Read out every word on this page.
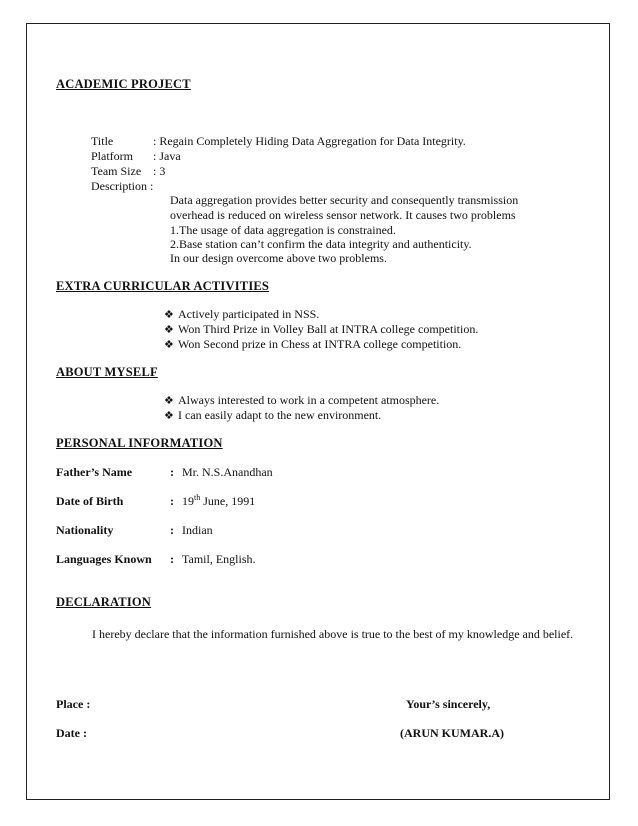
ACADEMIC PROJECT
Title	: Regain Completely Hiding Data Aggregation for Data Integrity.
Platform : Java
Team Size : 3
Description :
Data aggregation provides better security and consequently transmission
overhead is reduced on wireless sensor network. It causes two problems
1.The usage of data aggregation is constrained.
2.Base station can’t confirm the data integrity and authenticity.
In our design overcome above two problems.
EXTRA CURRICULAR ACTIVITIES
❖ Actively participated in NSS.
❖ Won Third Prize in Volley Ball at INTRA college competition.
❖ Won Second prize in Chess at INTRA college competition.
ABOUT MYSELF
❖ Always interested to work in a competent atmosphere.
❖ I can easily adapt to the new environment.
PERSONAL INFORMATION
Father’s Name	: Mr. N.S.Anandhan
Date of Birth	: 19th June, 1991
Nationality	: Indian
Languages Known : Tamil, English.
DECLARATION
I hereby declare that the information furnished above is true to the best of my knowledge and belief.
Place :	Your’s sincerely,
Date :	(ARUN KUMAR.A)
